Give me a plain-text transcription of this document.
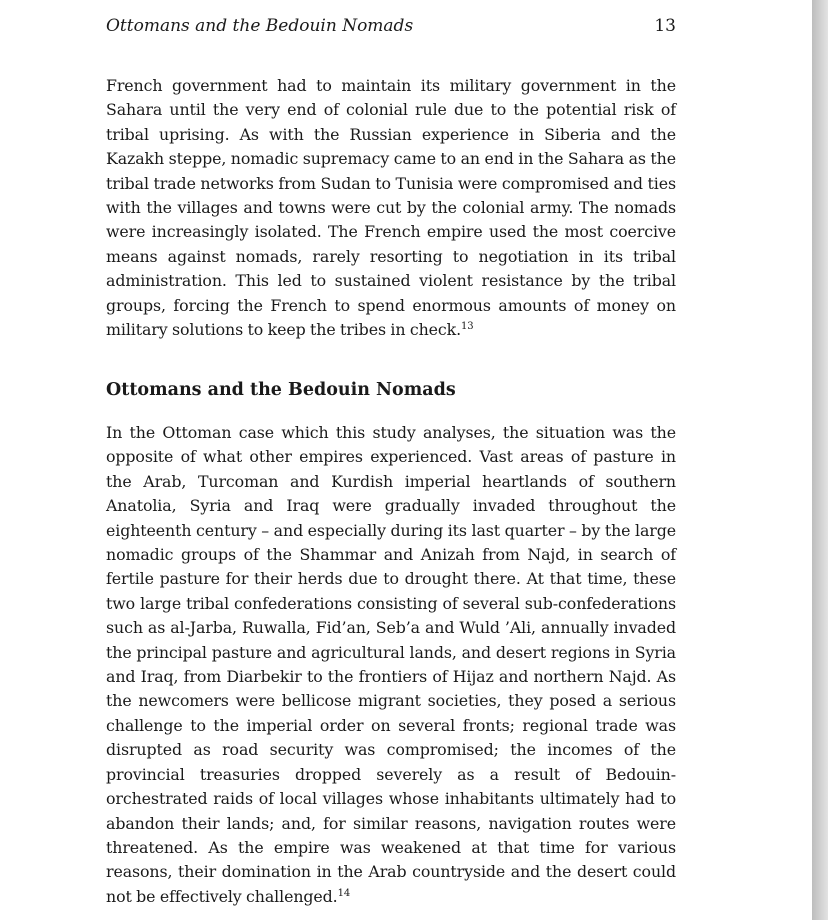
Ottomans and the Bedouin Nomads	13

French government had to maintain its military government in the Sahara until the very end of colonial rule due to the potential risk of tribal uprising. As with the Russian experience in Siberia and the Kazakh steppe, nomadic supremacy came to an end in the Sahara as the tribal trade networks from Sudan to Tunisia were compromised and ties with the villages and towns were cut by the colonial army. The nomads were increasingly isolated. The French empire used the most coercive means against nomads, rarely resorting to negotiation in its tribal administration. This led to sustained violent resistance by the tribal groups, forcing the French to spend enormous amounts of money on military solutions to keep the tribes in check.$^{13}$

Ottomans and the Bedouin Nomads

In the Ottoman case which this study analyses, the situation was the opposite of what other empires experienced. Vast areas of pasture in the Arab, Turcoman and Kurdish imperial heartlands of southern Anatolia, Syria and Iraq were gradually invaded throughout the eighteenth century – and especially during its last quarter – by the large nomadic groups of the Shammar and Anizah from Najd, in search of fertile pasture for their herds due to drought there. At that time, these two large tribal confederations consisting of several sub-confederations such as al-Jarba, Ruwalla, Fid’an, Seb’a and Wuld ’Ali, annually invaded the principal pasture and agricultural lands, and desert regions in Syria and Iraq, from Diarbekir to the frontiers of Hijaz and northern Najd. As the newcomers were bellicose migrant societies, they posed a serious challenge to the imperial order on several fronts; regional trade was disrupted as road security was compromised; the incomes of the provincial treasuries dropped severely as a result of Bedouin-orchestrated raids of local villages whose inhabitants ultimately had to abandon their lands; and, for similar reasons, navigation routes were threatened. As the empire was weakened at that time for various reasons, their domination in the Arab countryside and the desert could not be effectively challenged.$^{14}$
